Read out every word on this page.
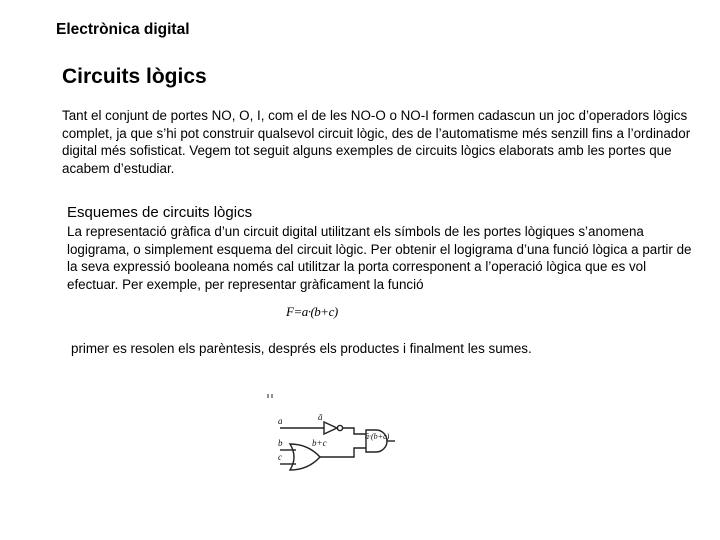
Electrònica digital
Circuits lògics
Tant el conjunt de portes NO, O, I, com el de les NO-O o NO-I formen cadascun un joc d’operadors lògics complet, ja que s’hi pot construir qualsevol circuit lògic, des de l’automatisme més senzill fins a l’ordinador digital més sofisticat. Vegem tot seguit alguns exemples de circuits lògics elaborats amb les portes que acabem d’estudiar.
Esquemes de circuits lògics
La representació gràfica d’un circuit digital utilitzant els símbols de les portes lògiques s’anomena logigrama, o simplement esquema del circuit lògic. Per obtenir el logigrama d’una funció lògica a partir de la seva expressió booleana només cal utilitzar la porta corresponent a l’operació lògica que es vol efectuar. Per exemple, per representar gràficament la funció
F=a·(b+c)
primer es resolen els parèntesis, després els productes i finalment les sumes.
a	ā
b
c
b+c
ā·(b+c)
